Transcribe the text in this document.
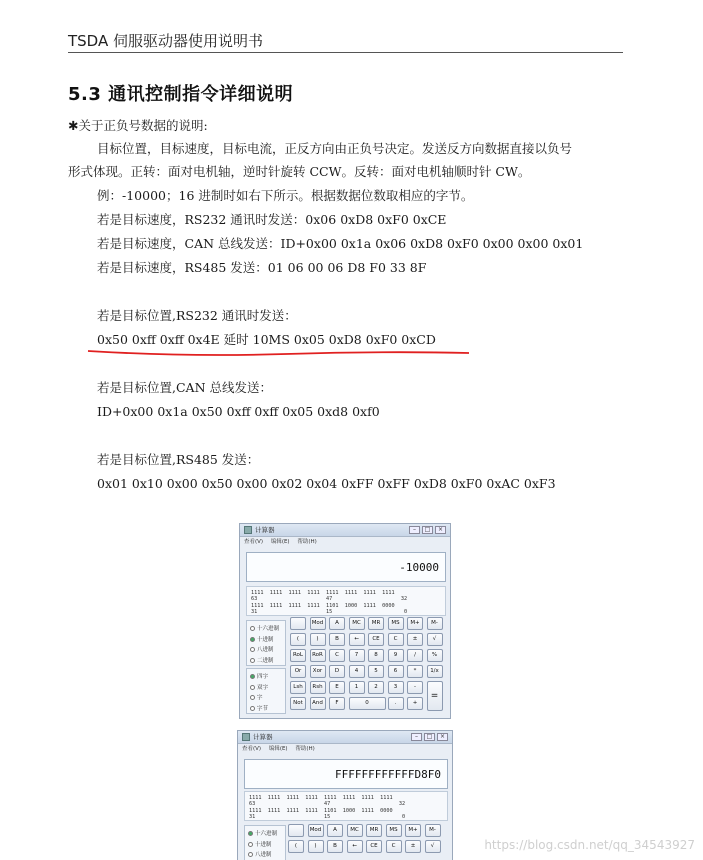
TSDA 伺服驱动器使用说明书
5.3 通讯控制指令详细说明
✱关于正负号数据的说明:
目标位置，目标速度，目标电流，正反方向由正负号决定。发送反方向数据直接以负号
形式体现。正转：面对电机轴，逆时针旋转 CCW。反转：面对电机轴顺时针 CW。
例：-10000；16 进制时如右下所示。根据数据位数取相应的字节。
若是目标速度，RS232 通讯时发送：0x06 0xD8 0xF0 0xCE
若是目标速度，CAN 总线发送：ID+0x00 0x1a 0x06 0xD8 0xF0 0x00 0x00 0x01
若是目标速度，RS485 发送：01 06 00 06 D8 F0 33 8F
若是目标位置,RS232 通讯时发送：
0x50 0xff 0xff 0x4E 延时 10MS 0x05 0xD8 0xF0 0xCD
若是目标位置,CAN 总线发送：
ID+0x00 0x1a 0x50 0xff 0xff 0x05 0xd8 0xf0
若是目标位置,RS485 发送：
0x01 0x10 0x00 0x50 0x00 0x02 0x04 0xFF 0xFF 0xD8 0xF0 0xAC 0xF3
计算器	–	□	×
查看(V) 编辑(E) 帮助(H)
-10000
1111  1111  1111  1111  1111  1111  1111  1111
63                      47                      32
1111  1111  1111  1111  1101  1000  1111  0000
31                      15                       0
十六进制
十进制
八进制
二进制
四字
双字
字
字节
Mod	A	MC	MR	MS	M+	M-
(	)	B	←	CE	C	±	√
RoL	RoR	C	7	8	9	/	%
Or	Xor	D	4	5	6	*	1/x
Lsh	Rsh	E	1	2	3	-
=
Not	And	F	0	.	+
计算器	–	□	×
查看(V) 编辑(E) 帮助(H)
FFFFFFFFFFFFD8F0
1111  1111  1111  1111  1111  1111  1111  1111
63                      47                      32
1111  1111  1111  1111  1101  1000  1111  0000
31                      15                       0
十六进制
十进制
八进制
Mod	A	MC	MR	MS	M+	M-
(	)	B	←	CE	C	±	√	https://blog.csdn.net/qq_34543927
